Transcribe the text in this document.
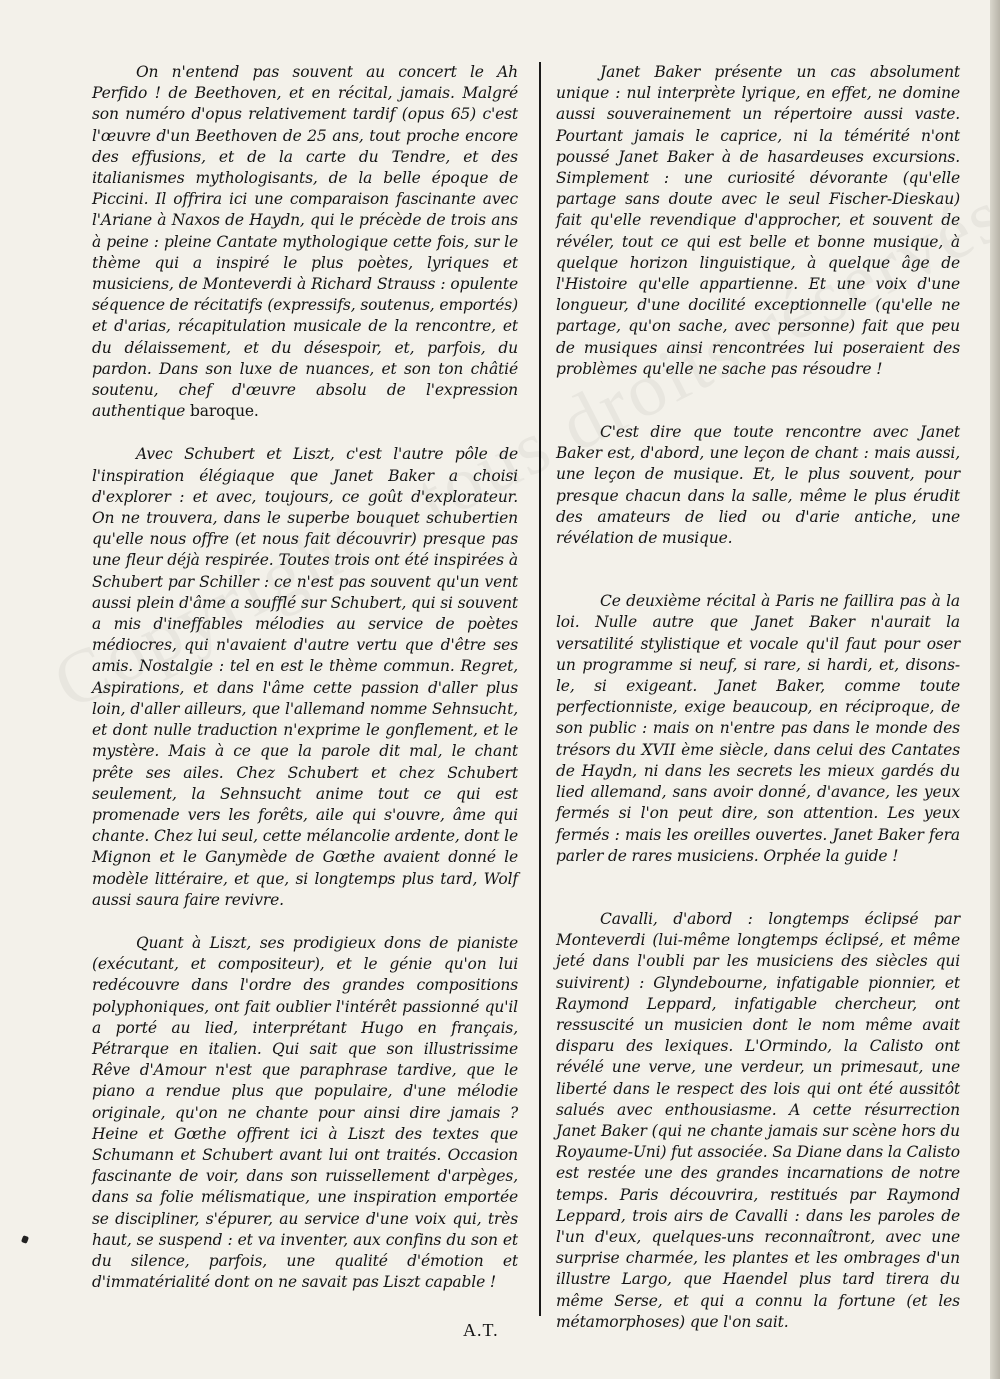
On n'entend pas souvent au concert le Ah Perfido ! de Beethoven, et en récital, jamais. Malgré son numéro d'opus relativement tardif (opus 65) c'est l'œuvre d'un Beethoven de 25 ans, tout proche encore des effusions, et de la carte du Tendre, et des italianismes mythologisants, de la belle époque de Piccini. Il offrira ici une comparaison fascinante avec l'Ariane à Naxos de Haydn, qui le précède de trois ans à peine : pleine Cantate mythologique cette fois, sur le thème qui a inspiré le plus poètes, lyriques et musiciens, de Monteverdi à Richard Strauss : opulente séquence de récitatifs (expressifs, soutenus, emportés) et d'arias, récapitulation musicale de la rencontre, et du délaissement, et du désespoir, et, parfois, du pardon. Dans son luxe de nuances, et son ton châtié soutenu, chef d'œuvre absolu de l'expression authentique baroque.

Avec Schubert et Liszt, c'est l'autre pôle de l'inspiration élégiaque que Janet Baker a choisi d'explorer : et avec, toujours, ce goût d'explorateur. On ne trouvera, dans le superbe bouquet schubertien qu'elle nous offre (et nous fait découvrir) presque pas une fleur déjà respirée. Toutes trois ont été inspirées à Schubert par Schiller : ce n'est pas souvent qu'un vent aussi plein d'âme a soufflé sur Schubert, qui si souvent a mis d'ineffables mélodies au service de poètes médiocres, qui n'avaient d'autre vertu que d'être ses amis. Nostalgie : tel en est le thème commun. Regret, Aspirations, et dans l'âme cette passion d'aller plus loin, d'aller ailleurs, que l'allemand nomme Sehnsucht, et dont nulle traduction n'exprime le gonflement, et le mystère. Mais à ce que la parole dit mal, le chant prête ses ailes. Chez Schubert et chez Schubert seulement, la Sehnsucht anime tout ce qui est promenade vers les forêts, aile qui s'ouvre, âme qui chante. Chez lui seul, cette mélancolie ardente, dont le Mignon et le Ganymède de Gœthe avaient donné le modèle littéraire, et que, si longtemps plus tard, Wolf aussi saura faire revivre.

Quant à Liszt, ses prodigieux dons de pianiste (exécutant, et compositeur), et le génie qu'on lui redécouvre dans l'ordre des grandes compositions polyphoniques, ont fait oublier l'intérêt passionné qu'il a porté au lied, interprétant Hugo en français, Pétrarque en italien. Qui sait que son illustrissime Rêve d'Amour n'est que paraphrase tardive, que le piano a rendue plus que populaire, d'une mélodie originale, qu'on ne chante pour ainsi dire jamais ? Heine et Gœthe offrent ici à Liszt des textes que Schumann et Schubert avant lui ont traités. Occasion fascinante de voir, dans son ruissellement d'arpèges, dans sa folie mélismatique, une inspiration emportée se discipliner, s'épurer, au service d'une voix qui, très haut, se suspend : et va inventer, aux confins du son et du silence, parfois, une qualité d'émotion et d'immatérialité dont on ne savait pas Liszt capable !

Janet Baker présente un cas absolument unique : nul interprète lyrique, en effet, ne domine aussi souverainement un répertoire aussi vaste. Pourtant jamais le caprice, ni la témérité n'ont poussé Janet Baker à de hasardeuses excursions. Simplement : une curiosité dévorante (qu'elle partage sans doute avec le seul Fischer-Dieskau) fait qu'elle revendique d'approcher, et souvent de révéler, tout ce qui est belle et bonne musique, à quelque horizon linguistique, à quelque âge de l'Histoire qu'elle appartienne. Et une voix d'une longueur, d'une docilité exceptionnelle (qu'elle ne partage, qu'on sache, avec personne) fait que peu de musiques ainsi rencontrées lui poseraient des problèmes qu'elle ne sache pas résoudre !

C'est dire que toute rencontre avec Janet Baker est, d'abord, une leçon de chant : mais aussi, une leçon de musique. Et, le plus souvent, pour presque chacun dans la salle, même le plus érudit des amateurs de lied ou d'arie antiche, une révélation de musique.

Ce deuxième récital à Paris ne faillira pas à la loi. Nulle autre que Janet Baker n'aurait la versatilité stylistique et vocale qu'il faut pour oser un programme si neuf, si rare, si hardi, et, disons-le, si exigeant. Janet Baker, comme toute perfectionniste, exige beaucoup, en réciproque, de son public : mais on n'entre pas dans le monde des trésors du XVII ème siècle, dans celui des Cantates de Haydn, ni dans les secrets les mieux gardés du lied allemand, sans avoir donné, d'avance, les yeux fermés si l'on peut dire, son attention. Les yeux fermés : mais les oreilles ouvertes. Janet Baker fera parler de rares musiciens. Orphée la guide !

Cavalli, d'abord : longtemps éclipsé par Monteverdi (lui-même longtemps éclipsé, et même jeté dans l'oubli par les musiciens des siècles qui suivirent) : Glyndebourne, infatigable pionnier, et Raymond Leppard, infatigable chercheur, ont ressuscité un musicien dont le nom même avait disparu des lexiques. L'Ormindo, la Calisto ont révélé une verve, une verdeur, un primesaut, une liberté dans le respect des lois qui ont été aussitôt salués avec enthousiasme. A cette résurrection Janet Baker (qui ne chante jamais sur scène hors du Royaume-Uni) fut associée. Sa Diane dans la Calisto est restée une des grandes incarnations de notre temps. Paris découvrira, restitués par Raymond Leppard, trois airs de Cavalli : dans les paroles de l'un d'eux, quelques-uns reconnaîtront, avec une surprise charmée, les plantes et les ombrages d'un illustre Largo, que Haendel plus tard tirera du même Serse, et qui a connu la fortune (et les métamorphoses) que l'on sait.

A.T.
